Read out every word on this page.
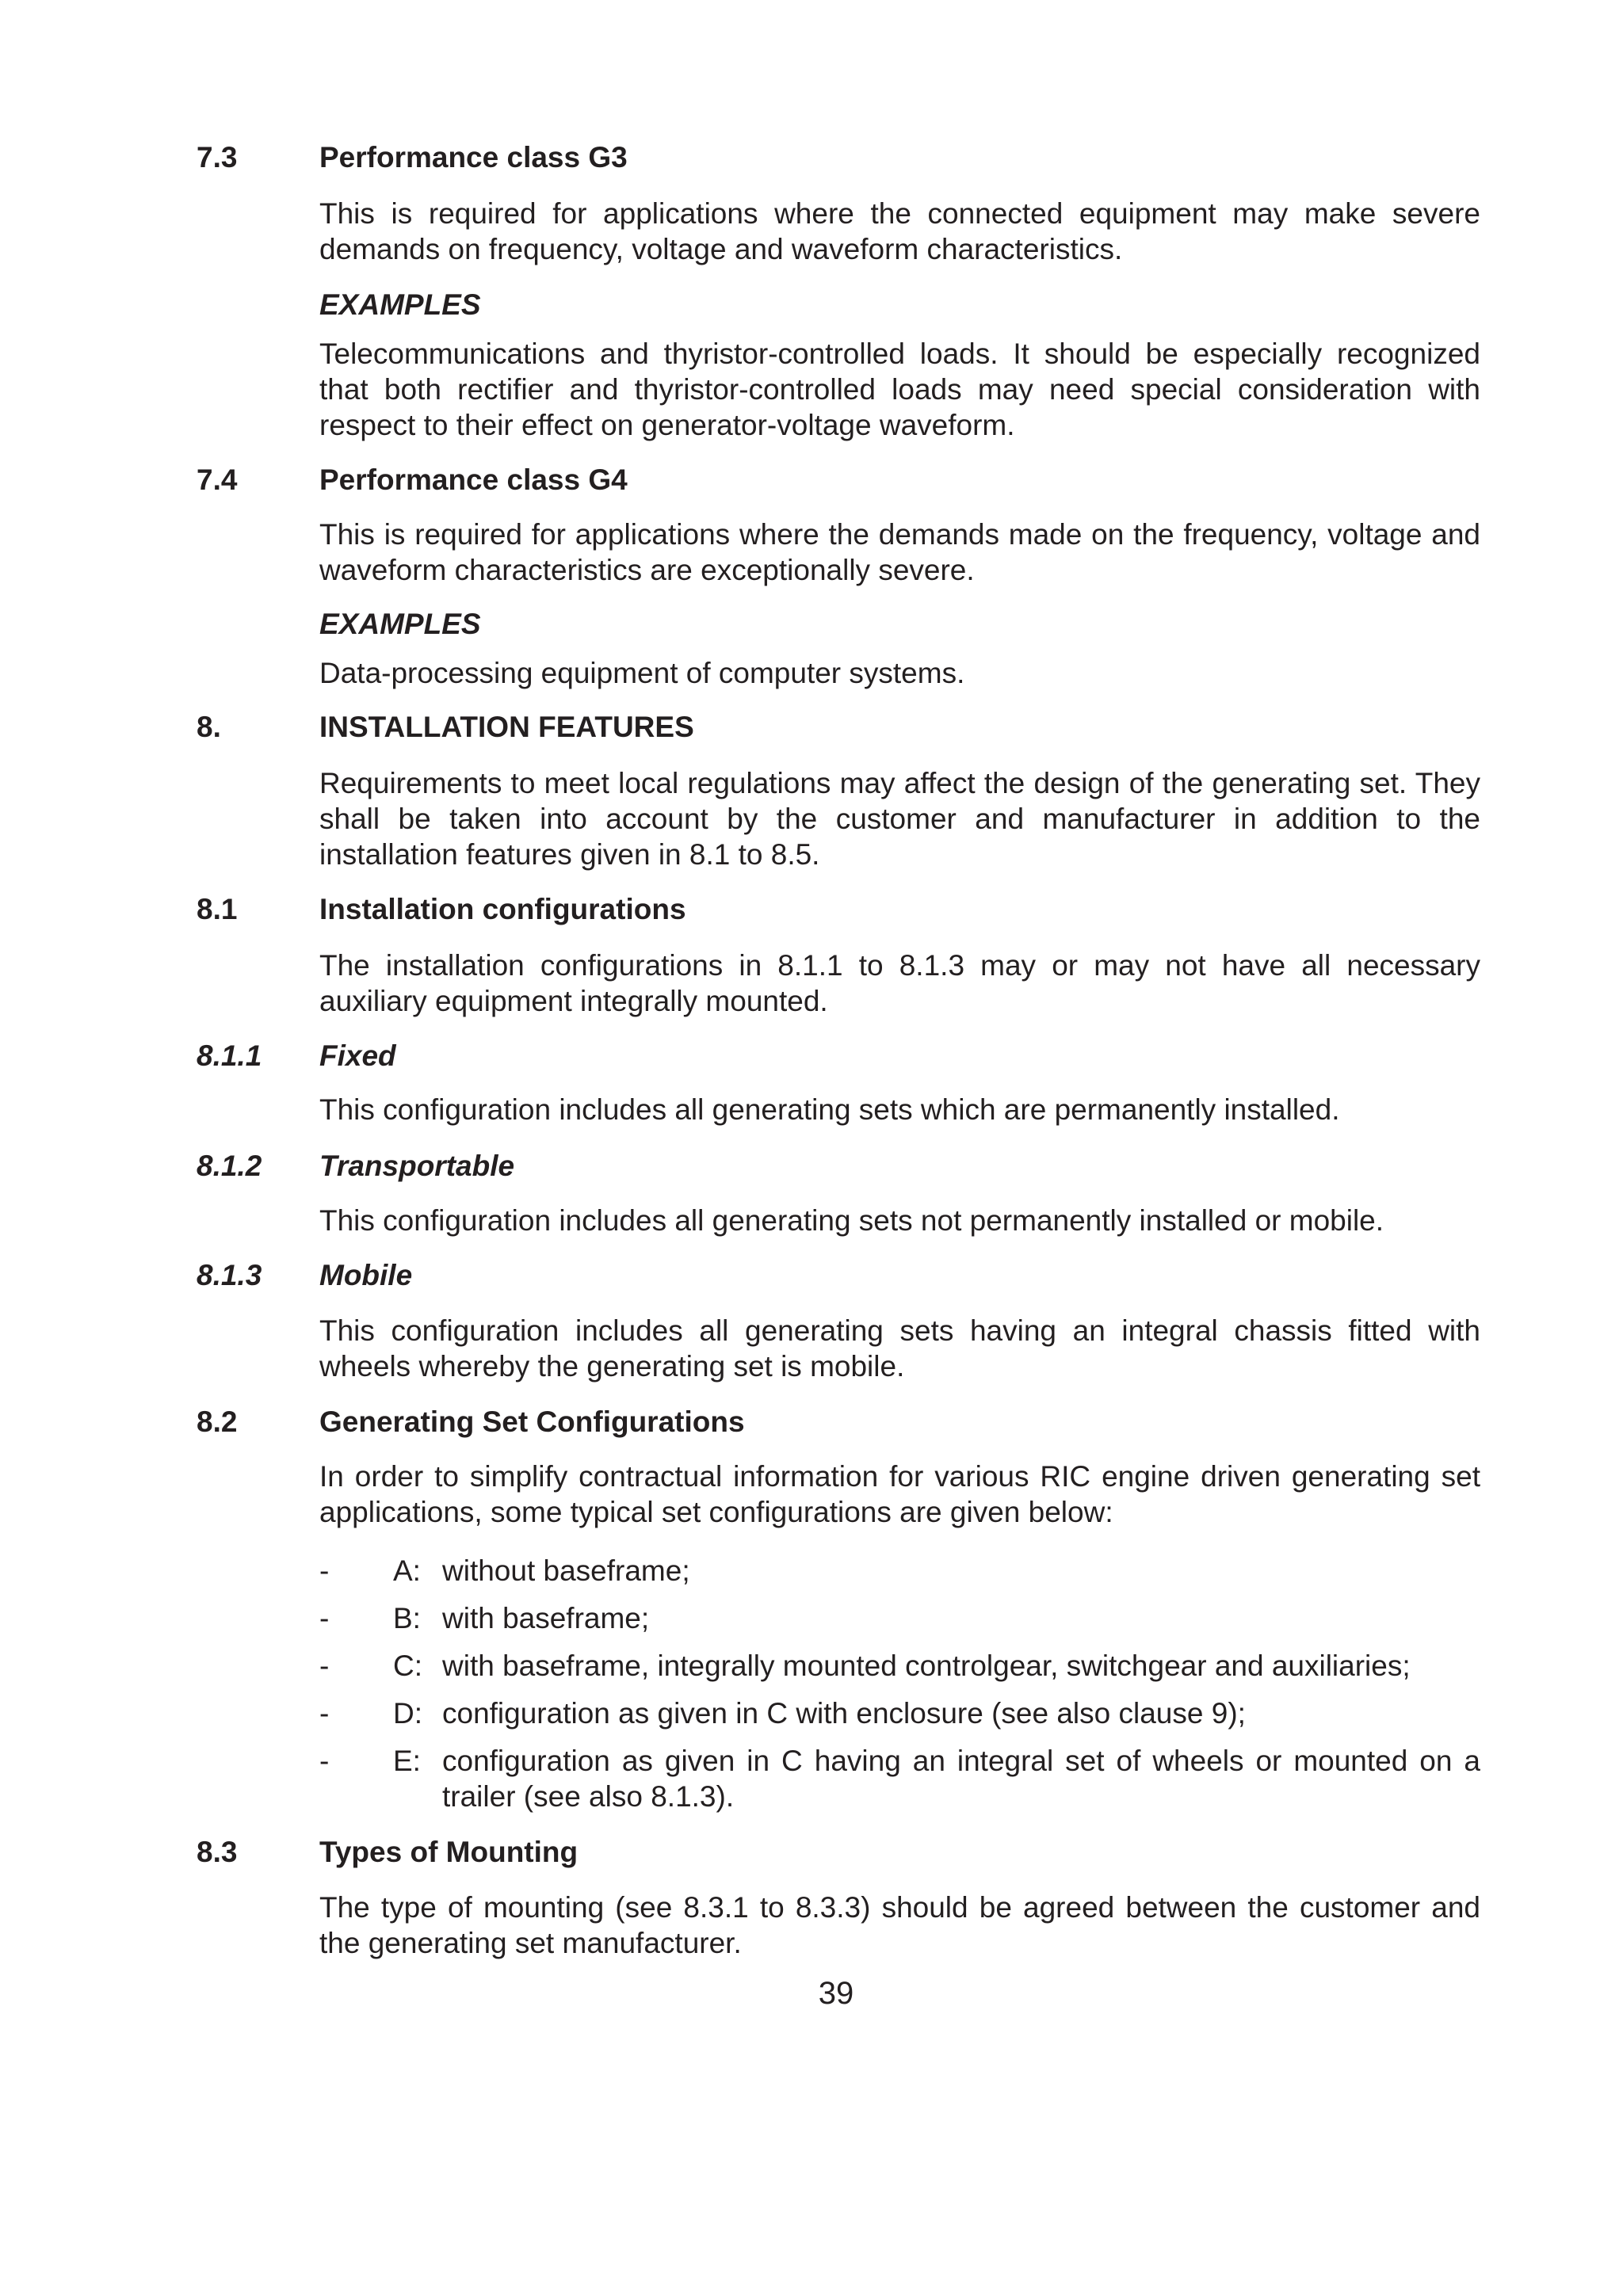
7.3	Performance class G3
This is required for applications where the connected equipment may make severe demands on frequency, voltage and waveform characteristics.
EXAMPLES
Telecommunications and thyristor-controlled loads. It should be especially recognized that both rectifier and thyristor-controlled loads may need special consideration with respect to their effect on generator-voltage waveform.
7.4	Performance class G4
This is required for applications where the demands made on the frequency, voltage and waveform characteristics are exceptionally severe.
EXAMPLES
Data-processing equipment of computer systems.
8.	INSTALLATION FEATURES
Requirements to meet local regulations may affect the design of the generating set. They shall be taken into account by the customer and manufacturer in addition to the installation features given in 8.1 to 8.5.
8.1	Installation configurations
The installation configurations in 8.1.1 to 8.1.3 may or may not have all necessary auxiliary equipment integrally mounted.
8.1.1 Fixed
This configuration includes all generating sets which are permanently installed.
8.1.2 Transportable
This configuration includes all generating sets not permanently installed or mobile.
8.1.3 Mobile
This configuration includes all generating sets having an integral chassis fitted with wheels whereby the generating set is mobile.
8.2	Generating Set Configurations
In order to simplify contractual information for various RIC engine driven generating set applications, some typical set configurations are given below:
- A: without baseframe;
- B: with baseframe;
- C: with baseframe, integrally mounted controlgear, switchgear and auxiliaries;
- D: configuration as given in C with enclosure (see also clause 9);
- E: configuration as given in C having an integral set of wheels or mounted on a trailer (see also 8.1.3).
8.3	Types of Mounting
The type of mounting (see 8.3.1 to 8.3.3) should be agreed between the customer and the generating set manufacturer.
39
